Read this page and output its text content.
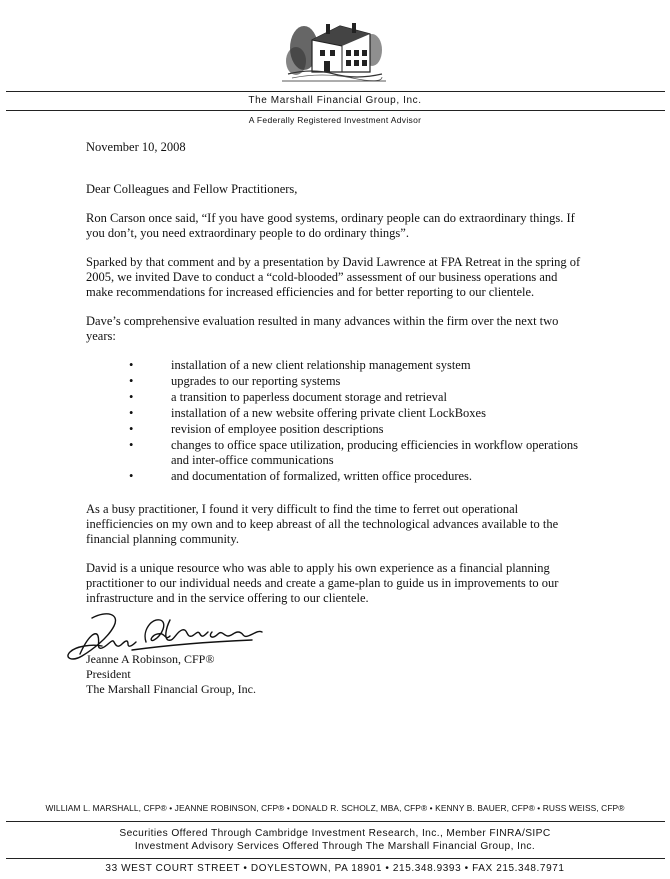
The Marshall Financial Group, Inc.
A Federally Registered Investment Advisor

November 10, 2008

Dear Colleagues and Fellow Practitioners,

Ron Carson once said, “If you have good systems, ordinary people can do extraordinary things. If you don’t, you need extraordinary people to do ordinary things”.

Sparked by that comment and by a presentation by David Lawrence at FPA Retreat in the spring of 2005, we invited Dave to conduct a “cold-blooded” assessment of our business operations and make recommendations for increased efficiencies and for better reporting to our clientele.

Dave’s comprehensive evaluation resulted in many advances within the firm over the next two years:

•	installation of a new client relationship management system
•	upgrades to our reporting systems
•	a transition to paperless document storage and retrieval
•	installation of a new website offering private client LockBoxes
•	revision of employee position descriptions
•	changes to office space utilization, producing efficiencies in workflow operations and inter-office communications
•	and documentation of formalized, written office procedures.

As a busy practitioner, I found it very difficult to find the time to ferret out operational inefficiencies on my own and to keep abreast of all the technological advances available to the financial planning community.

David is a unique resource who was able to apply his own experience as a financial planning practitioner to our individual needs and create a game-plan to guide us in improvements to our infrastructure and in the service offering to our clientele.

Jeanne A Robinson, CFP®
President
The Marshall Financial Group, Inc.
WILLIAM L. MARSHALL, CFP® • JEANNE ROBINSON, CFP® • DONALD R. SCHOLZ, MBA, CFP® • KENNY B. BAUER, CFP® • RUSS WEISS, CFP®
Securities Offered Through Cambridge Investment Research, Inc., Member FINRA/SIPC
Investment Advisory Services Offered Through The Marshall Financial Group, Inc.
33 WEST COURT STREET • DOYLESTOWN, PA 18901 • 215.348.9393 • FAX 215.348.7971
